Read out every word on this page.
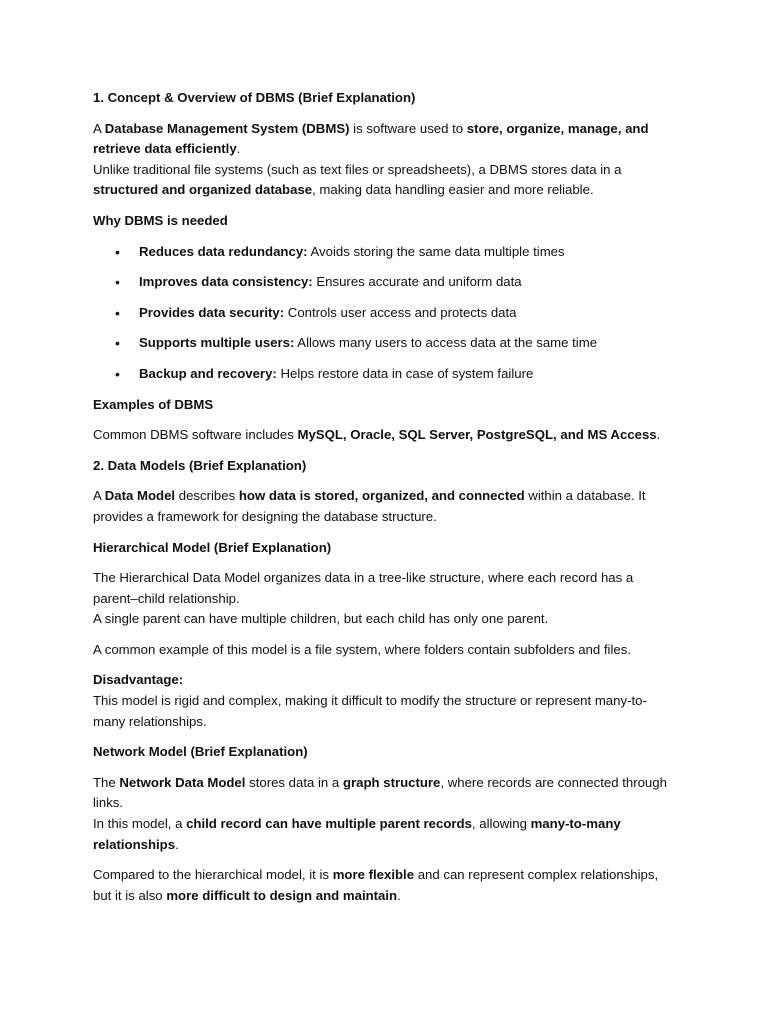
1. Concept & Overview of DBMS (Brief Explanation)

A Database Management System (DBMS) is software used to store, organize, manage, and retrieve data efficiently.

Unlike traditional file systems (such as text files or spreadsheets), a DBMS stores data in a structured and organized database, making data handling easier and more reliable.

Why DBMS is needed
• Reduces data redundancy: Avoids storing the same data multiple times
• Improves data consistency: Ensures accurate and uniform data
• Provides data security: Controls user access and protects data
• Supports multiple users: Allows many users to access data at the same time
• Backup and recovery: Helps restore data in case of system failure
Examples of DBMS

Common DBMS software includes MySQL, Oracle, SQL Server, PostgreSQL, and MS Access.

2. Data Models (Brief Explanation)

A Data Model describes how data is stored, organized, and connected within a database. It provides a framework for designing the database structure.

Hierarchical Model (Brief Explanation)

The Hierarchical Data Model organizes data in a tree-like structure, where each record has a parent–child relationship.

A single parent can have multiple children, but each child has only one parent.

A common example of this model is a file system, where folders contain subfolders and files.

Disadvantage:

This model is rigid and complex, making it difficult to modify the structure or represent many-to-many relationships.

Network Model (Brief Explanation)

The Network Data Model stores data in a graph structure, where records are connected through links.

In this model, a child record can have multiple parent records, allowing many-to-many relationships.

Compared to the hierarchical model, it is more flexible and can represent complex relationships, but it is also more difficult to design and maintain.
